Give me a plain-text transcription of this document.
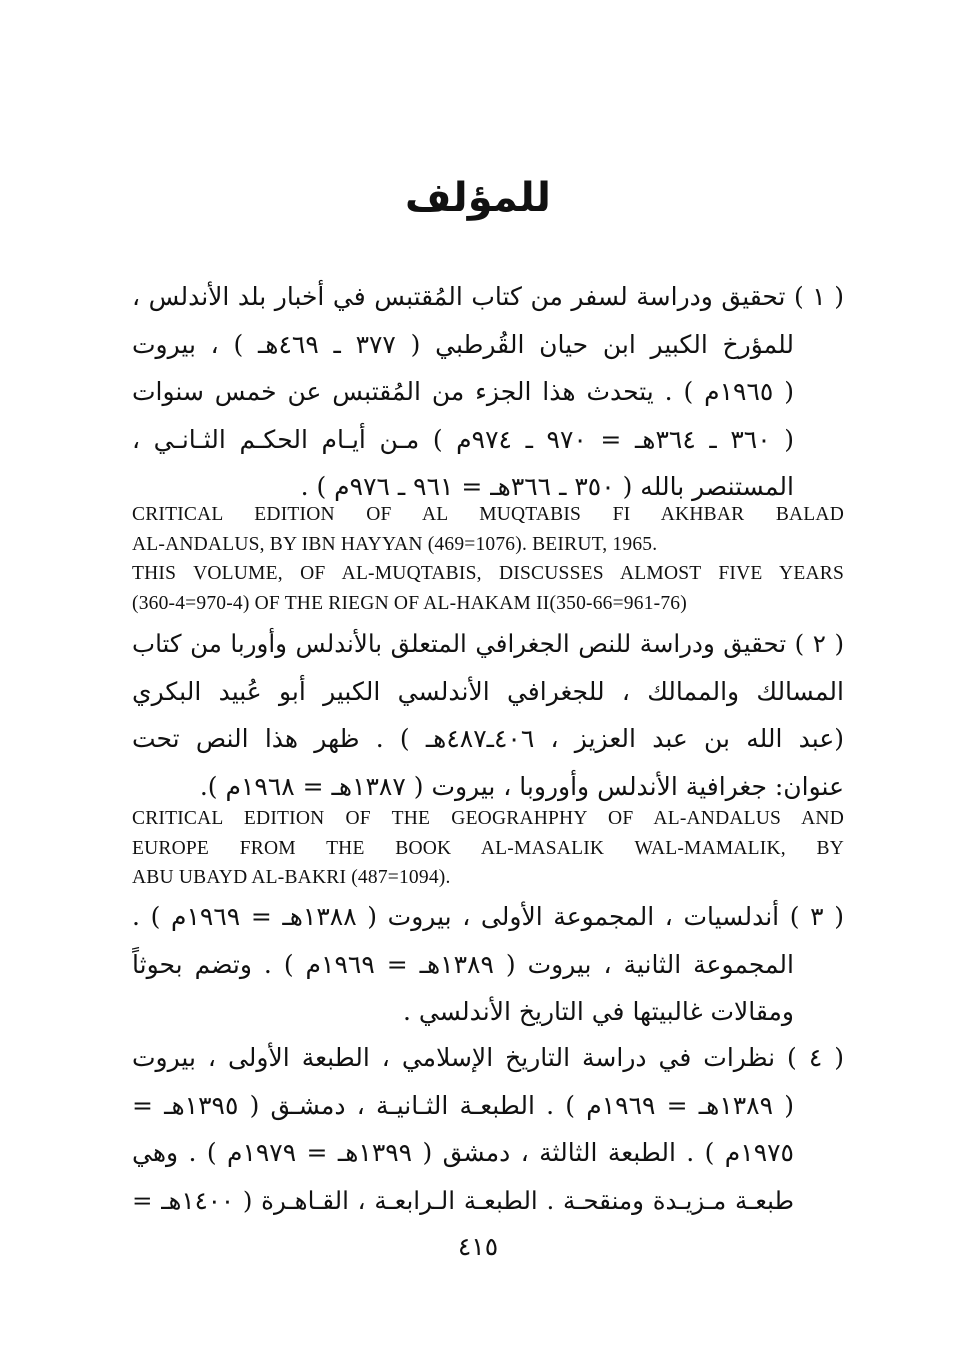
للمؤلف
( ١ ) تحقيق ودراسة لسفر من كتاب المُقتبس في أخبار بلد الأندلس ،
للمؤرخ الكبير ابن حيان القُرطبي ( ٣٧٧ ـ ٤٦٩هـ ) ، بيروت
( ١٩٦٥م ) . يتحدث هذا الجزء من المُقتبس عن خمس سنوات
( ٣٦٠ ـ ٣٦٤هـ = ٩٧٠ ـ ٩٧٤م ) مـن أيـام الحكـم الثـانـي ،
المستنصر بالله ( ٣٥٠ ـ ٣٦٦هـ = ٩٦١ ـ ٩٧٦م ) .
CRITICAL EDITION OF AL MUQTABIS FI AKHBAR BALAD
AL-ANDALUS, BY IBN HAYYAN (469=1076). BEIRUT, 1965.
THIS VOLUME, OF AL-MUQTABIS, DISCUSSES ALMOST FIVE YEARS
(360-4=970-4) OF THE RIEGN OF AL-HAKAM II(350-66=961-76)
( ٢ ) تحقيق ودراسة للنص الجغرافي المتعلق بالأندلس وأوربا من كتاب
المسالك والممالك ، للجغرافي الأندلسي الكبير أبو عُبيد البكري
(عبد الله بن عبد العزيز ، ٤٠٦ـ٤٨٧هـ ) . ظهر هذا النص تحت
عنوان: جغرافية الأندلس وأوروبا ، بيروت ( ١٣٨٧هـ = ١٩٦٨م ).
CRITICAL EDITION OF THE GEOGRAHPHY OF AL-ANDALUS AND
EUROPE FROM THE BOOK AL-MASALIK WAL-MAMALIK, BY
ABU UBAYD AL-BAKRI (487=1094).
( ٣ ) أندلسيات ، المجموعة الأولى ، بيروت ( ١٣٨٨هـ = ١٩٦٩م ) .
المجموعة الثانية ، بيروت ( ١٣٨٩هـ = ١٩٦٩م ) . وتضم بحوثاً
ومقالات غالبيتها في التاريخ الأندلسي .
( ٤ ) نظرات في دراسة التاريخ الإسلامي ، الطبعة الأولى ، بيروت
( ١٣٨٩هـ = ١٩٦٩م ) . الطبعـة الثـانيـة ، دمشـق ( ١٣٩٥هـ =
١٩٧٥م ) . الطبعة الثالثة ، دمشق ( ١٣٩٩هـ = ١٩٧٩م ) . وهي
طبعـة مـزيـدة ومنقحـة . الطبعـة الـرابعـة ، القـاهـرة ( ١٤٠٠هـ =
٤١٥
